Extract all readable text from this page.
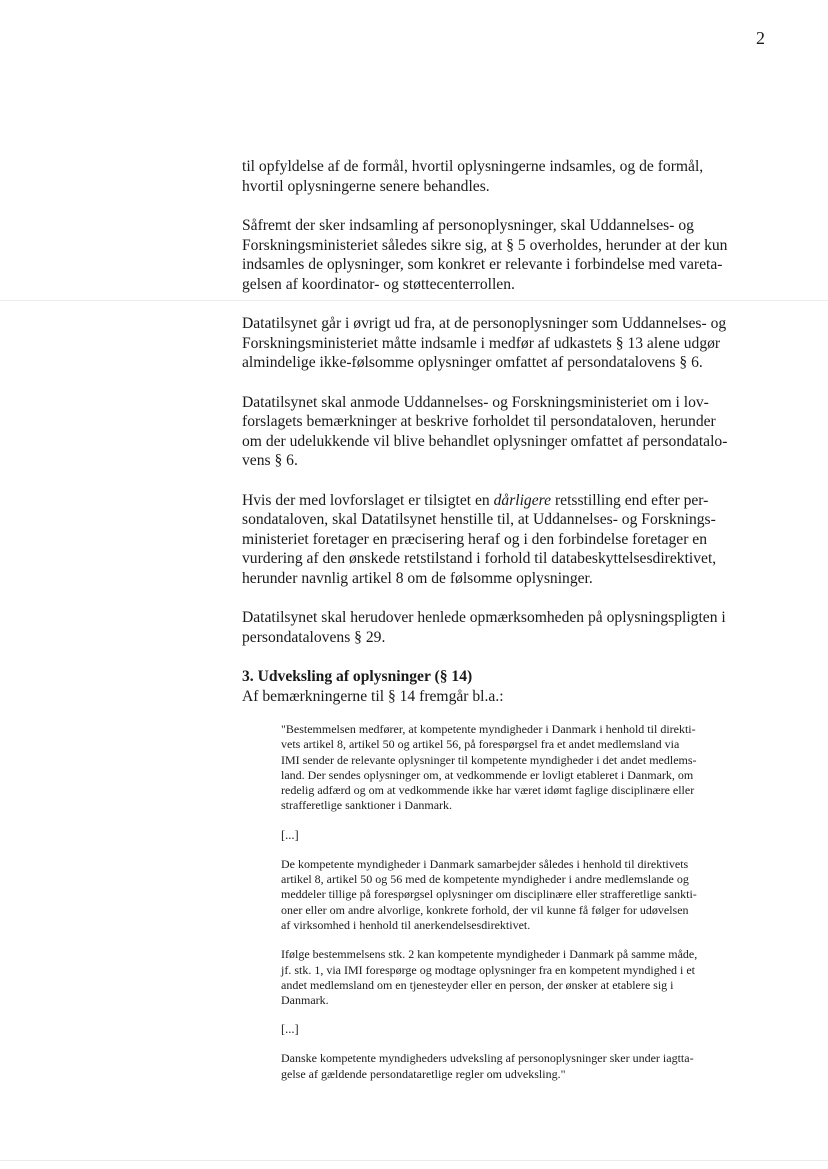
2

til opfyldelse af de formål, hvortil oplysningerne indsamles, og de formål,
hvortil oplysningerne senere behandles.

Såfremt der sker indsamling af personoplysninger, skal Uddannelses- og
Forskningsministeriet således sikre sig, at § 5 overholdes, herunder at der kun
indsamles de oplysninger, som konkret er relevante i forbindelse med vareta-
gelsen af koordinator- og støttecenterrollen.

Datatilsynet går i øvrigt ud fra, at de personoplysninger som Uddannelses- og
Forskningsministeriet måtte indsamle i medfør af udkastets § 13 alene udgør
almindelige ikke-følsomme oplysninger omfattet af persondatalovens § 6.

Datatilsynet skal anmode Uddannelses- og Forskningsministeriet om i lov-
forslagets bemærkninger at beskrive forholdet til persondataloven, herunder
om der udelukkende vil blive behandlet oplysninger omfattet af persondatalo-
vens § 6.

Hvis der med lovforslaget er tilsigtet en dårligere retsstilling end efter per-
sondataloven, skal Datatilsynet henstille til, at Uddannelses- og Forsknings-
ministeriet foretager en præcisering heraf og i den forbindelse foretager en
vurdering af den ønskede retstilstand i forhold til databeskyttelsesdirektivet,
herunder navnlig artikel 8 om de følsomme oplysninger.

Datatilsynet skal herudover henlede opmærksomheden på oplysningspligten i
persondatalovens § 29.

3. Udveksling af oplysninger (§ 14)

Af bemærkningerne til § 14 fremgår bl.a.:

"Bestemmelsen medfører, at kompetente myndigheder i Danmark i henhold til direkti-
vets artikel 8, artikel 50 og artikel 56, på forespørgsel fra et andet medlemsland via
IMI sender de relevante oplysninger til kompetente myndigheder i det andet medlems-
land. Der sendes oplysninger om, at vedkommende er lovligt etableret i Danmark, om
redelig adfærd og om at vedkommende ikke har været idømt faglige disciplinære eller
strafferetlige sanktioner i Danmark.

[...]

De kompetente myndigheder i Danmark samarbejder således i henhold til direktivets
artikel 8, artikel 50 og 56 med de kompetente myndigheder i andre medlemslande og
meddeler tillige på forespørgsel oplysninger om disciplinære eller strafferetlige sankti-
oner eller om andre alvorlige, konkrete forhold, der vil kunne få følger for udøvelsen
af virksomhed i henhold til anerkendelsesdirektivet.

Ifølge bestemmelsens stk. 2 kan kompetente myndigheder i Danmark på samme måde,
jf. stk. 1, via IMI forespørge og modtage oplysninger fra en kompetent myndighed i et
andet medlemsland om en tjenesteyder eller en person, der ønsker at etablere sig i
Danmark.

[...]

Danske kompetente myndigheders udveksling af personoplysninger sker under iagtta-
gelse af gældende persondataretlige regler om udveksling."
